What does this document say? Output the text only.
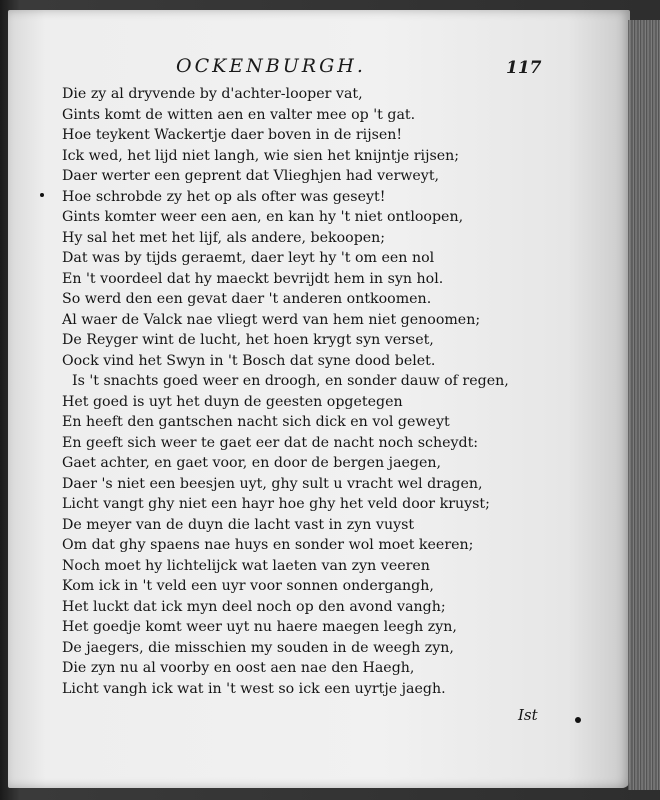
OCKENBURGH.	117
Die zy al dryvende by d'achter-looper vat,
Gints komt de witten aen en valter mee op 't gat.
Hoe teykent Wackertje daer boven in de rijsen!
Ick wed, het lijd niet langh, wie sien het knijntje rijsen;
Daer werter een geprent dat Vlieghjen had verweyt,
Hoe schrobde zy het op als ofter was geseyt!
Gints komter weer een aen, en kan hy 't niet ontloopen,
Hy sal het met het lijf, als andere, bekoopen;
Dat was by tijds geraemt, daer leyt hy 't om een nol
En 't voordeel dat hy maeckt bevrijdt hem in syn hol.
So werd den een gevat daer 't anderen ontkoomen.
Al waer de Valck nae vliegt werd van hem niet genoomen;
De Reyger wint de lucht, het hoen krygt syn verset,
Oock vind het Swyn in 't Bosch dat syne dood belet.
Is 't snachts goed weer en droogh, en sonder dauw of regen,
Het goed is uyt het duyn de geesten opgetegen
En heeft den gantschen nacht sich dick en vol geweyt
En geeft sich weer te gaet eer dat de nacht noch scheydt:
Gaet achter, en gaet voor, en door de bergen jaegen,
Daer 's niet een beesjen uyt, ghy sult u vracht wel dragen,
Licht vangt ghy niet een hayr hoe ghy het veld door kruyst;
De meyer van de duyn die lacht vast in zyn vuyst
Om dat ghy spaens nae huys en sonder wol moet keeren;
Noch moet hy lichtelijck wat laeten van zyn veeren
Kom ick in 't veld een uyr voor sonnen ondergangh,
Het luckt dat ick myn deel noch op den avond vangh;
Het goedje komt weer uyt nu haere maegen leegh zyn,
De jaegers, die misschien my souden in de weegh zyn,
Die zyn nu al voorby en oost aen nae den Haegh,
Licht vangh ick wat in 't west so ick een uyrtje jaegh.
Ist
